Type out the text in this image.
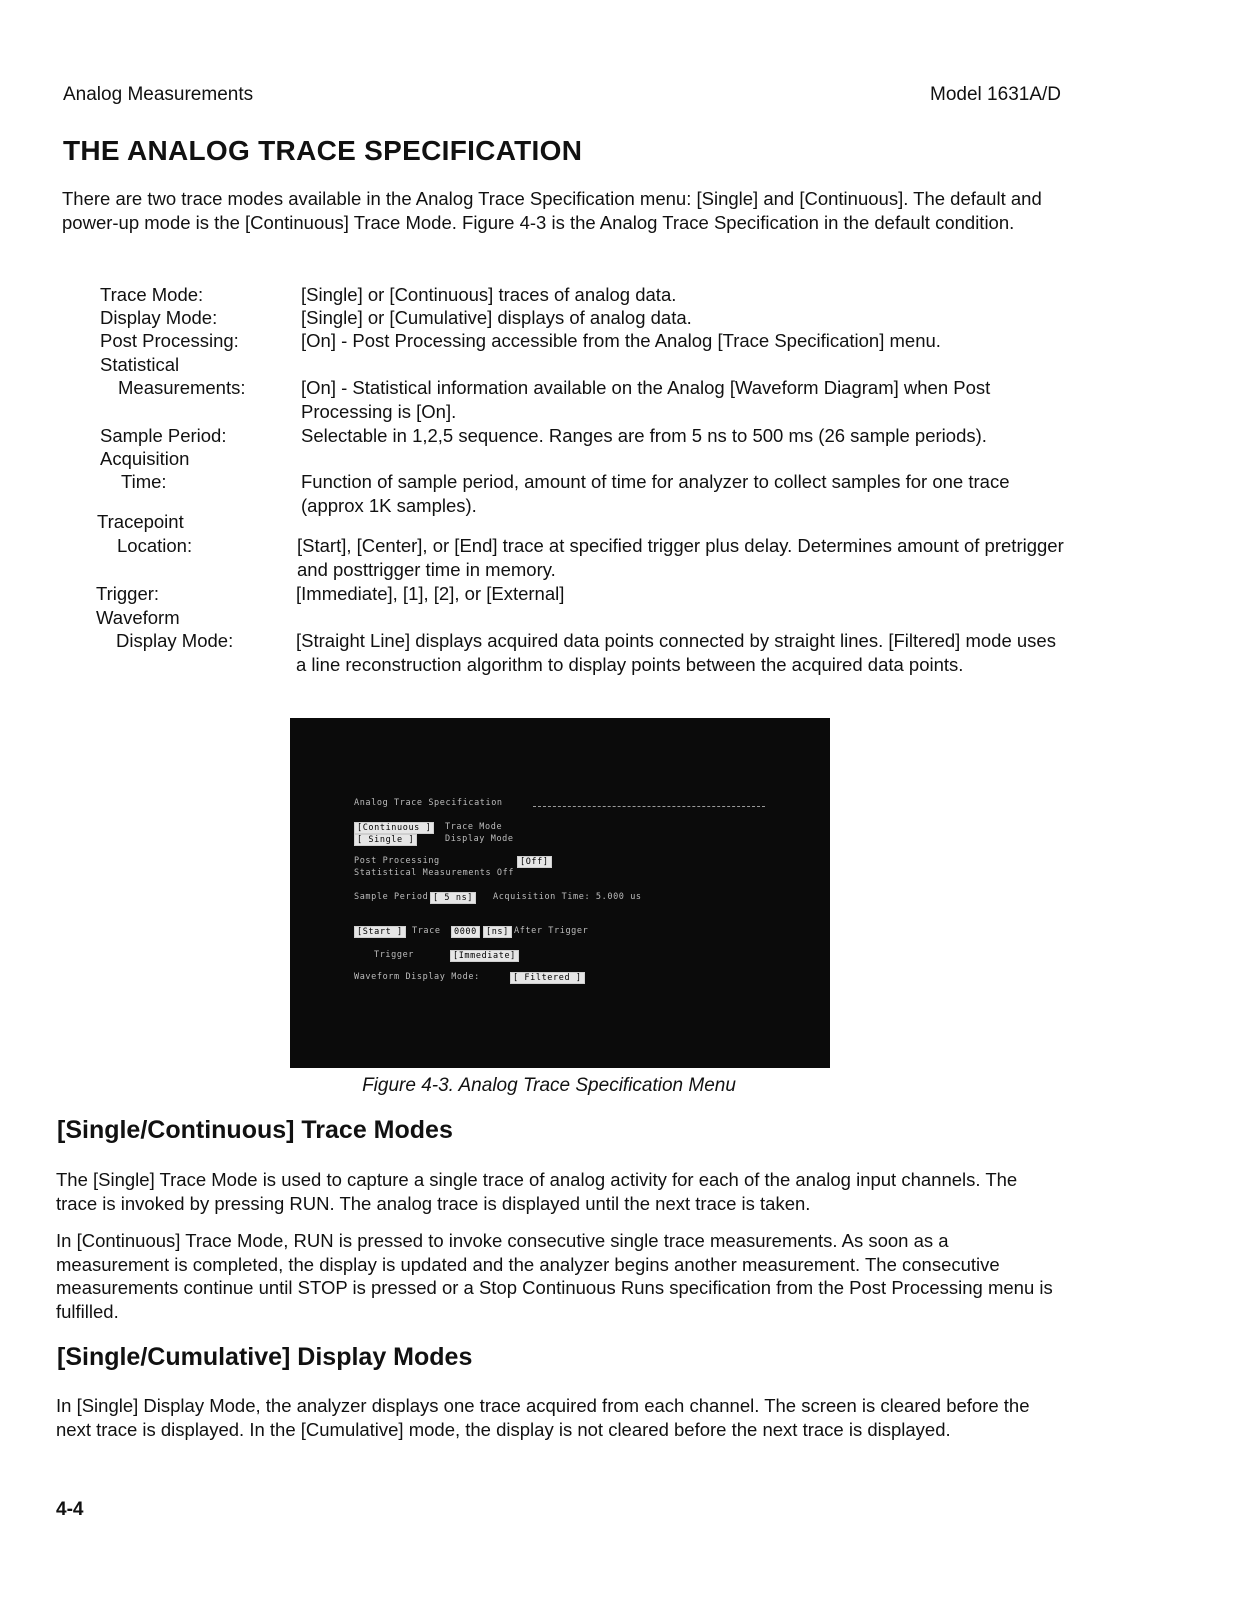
Analog Measurements	Model 1631A/D
THE ANALOG TRACE SPECIFICATION

There are two trace modes available in the Analog Trace Specification menu: [Single] and [Continuous]. The default and power-up mode is the [Continuous] Trace Mode. Figure 4-3 is the Analog Trace Specification in the default condition.

Trace Mode:	[Single] or [Continuous] traces of analog data.
Display Mode:	[Single] or [Cumulative] displays of analog data.
Post Processing:	[On] - Post Processing accessible from the Analog [Trace Specification] menu.
Statistical
Measurements:	[On] - Statistical information available on the Analog [Waveform Diagram] when Post Processing is [On].
Sample Period:	Selectable in 1,2,5 sequence. Ranges are from 5 ns to 500 ms (26 sample periods).
Acquisition
Time:	Function of sample period, amount of time for analyzer to collect samples for one trace (approx 1K samples).
Tracepoint
Location:	[Start], [Center], or [End] trace at specified trigger plus delay. Determines amount of pretrigger and posttrigger time in memory.
Trigger:	[Immediate], [1], [2], or [External]
Waveform
Display Mode:	[Straight Line] displays acquired data points connected by straight lines. [Filtered] mode uses a line reconstruction algorithm to display points between the acquired data points.
Analog Trace Specification
[Continuous ]	Trace Mode
[ Single ]	Display Mode
Post Processing	[Off]
Statistical Measurements Off
Sample Period [ 5 ns]	Acquisition Time: 5.000 us
[Start ]	Trace	0000	[ns] After Trigger
Trigger	[Immediate]
Waveform Display Mode:	[ Filtered ]
Figure 4-3. Analog Trace Specification Menu
[Single/Continuous] Trace Modes

The [Single] Trace Mode is used to capture a single trace of analog activity for each of the analog input channels. The trace is invoked by pressing RUN. The analog trace is displayed until the next trace is taken.

In [Continuous] Trace Mode, RUN is pressed to invoke consecutive single trace measurements. As soon as a measurement is completed, the display is updated and the analyzer begins another measurement. The consecutive measurements continue until STOP is pressed or a Stop Continuous Runs specification from the Post Processing menu is fulfilled.

[Single/Cumulative] Display Modes

In [Single] Display Mode, the analyzer displays one trace acquired from each channel. The screen is cleared before the next trace is displayed. In the [Cumulative] mode, the display is not cleared before the next trace is displayed.

4-4
